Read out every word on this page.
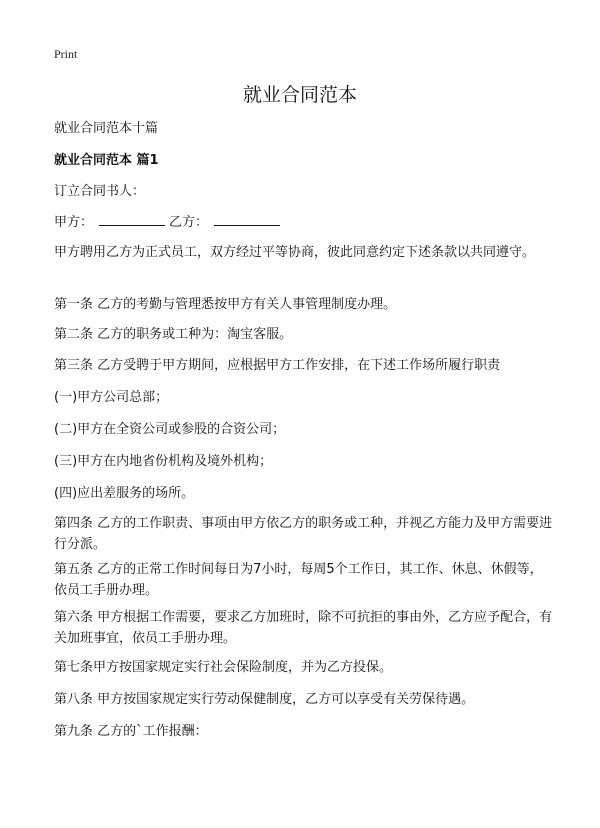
Print
就业合同范本

就业合同范本十篇

就业合同范本 篇1

订立合同书人：

甲方：	乙方：

甲方聘用乙方为正式员工，双方经过平等协商，彼此同意约定下述条款以共同遵守。

第一条 乙方的考勤与管理悉按甲方有关人事管理制度办理。

第二条 乙方的职务或工种为：淘宝客服。

第三条 乙方受聘于甲方期间，应根据甲方工作安排，在下述工作场所履行职责

(一)甲方公司总部；

(二)甲方在全资公司或参股的合资公司；

(三)甲方在内地省份机构及境外机构；

(四)应出差服务的场所。

第四条 乙方的工作职责、事项由甲方依乙方的职务或工种，并视乙方能力及甲方需要进行分派。

第五条 乙方的正常工作时间每日为7小时，每周5个工作日，其工作、休息、休假等，依员工手册办理。

第六条 甲方根据工作需要，要求乙方加班时，除不可抗拒的事由外，乙方应予配合，有关加班事宜，依员工手册办理。

第七条甲方按国家规定实行社会保险制度，并为乙方投保。

第八条 甲方按国家规定实行劳动保健制度，乙方可以享受有关劳保待遇。

第九条 乙方的`工作报酬：
